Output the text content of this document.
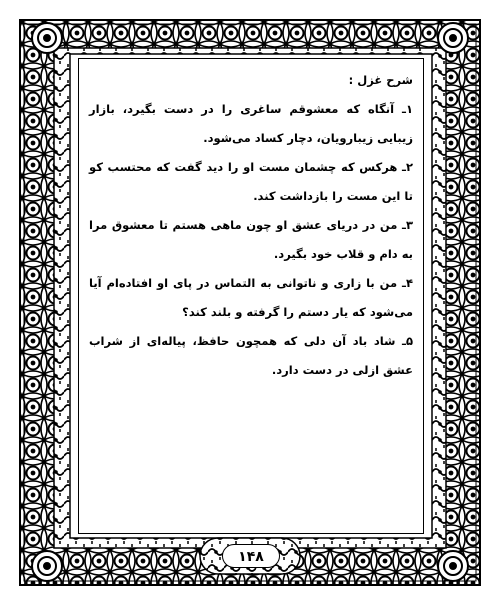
شرح غزل :
۱ـ آنگاه که معشوقم ساغری را در دست بگیرد، بازار زیبایی زیبارویان، دچار کساد می‌شود.
۲ـ هرکس که چشمان مست او را دید گفت که محتسب کو تا این مست را بازداشت کند.
۳ـ من در دریای عشق او چون ماهی هستم تا معشوق مرا به دام و قلاب خود بگیرد.
۴ـ من با زاری و ناتوانی به التماس در پای او افتاده‌ام آیا می‌شود که یار دستم را گرفته و بلند کند؟
۵ـ شاد باد آن دلی که همچون حافظ، پیاله‌ای از شراب عشق ازلی در دست دارد.
۱۴۸
